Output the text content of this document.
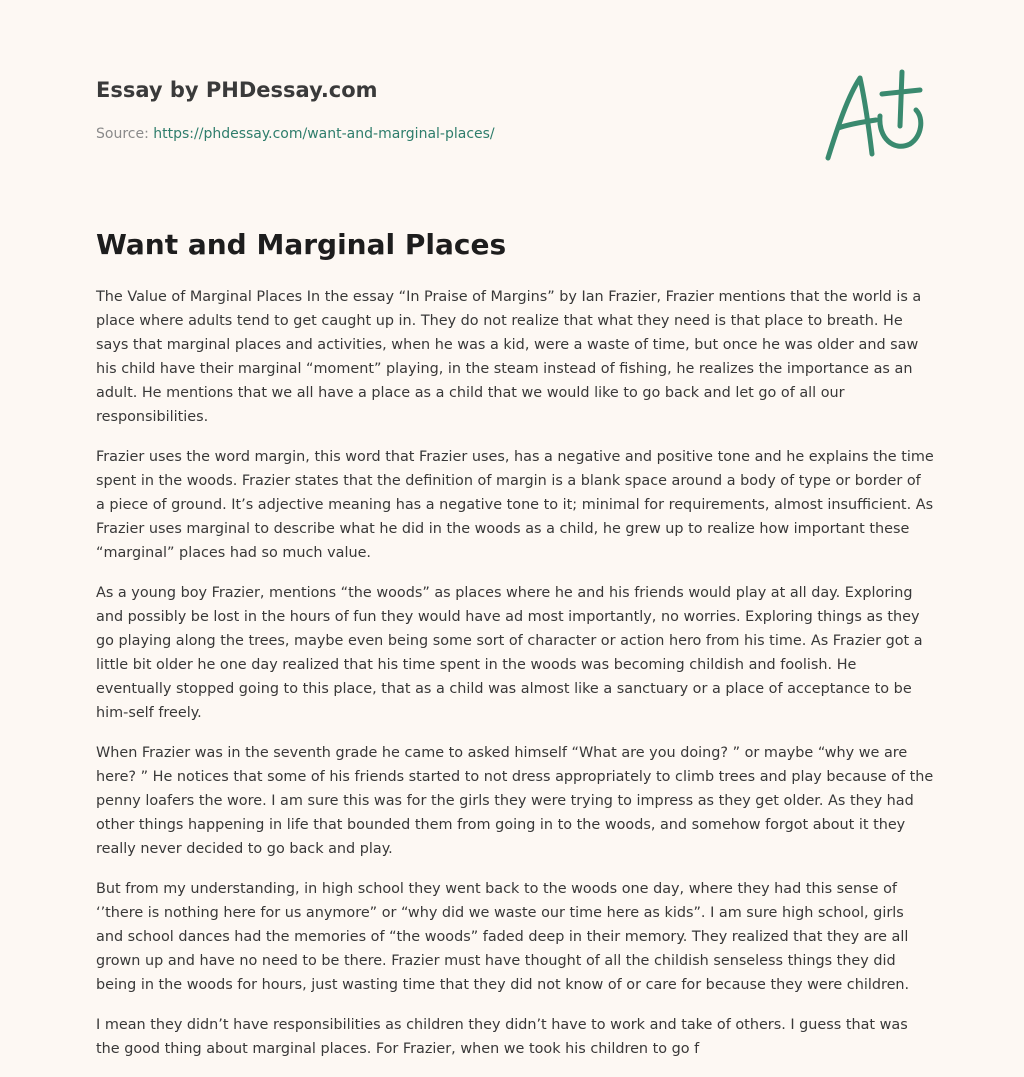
Essay by PHDessay.com
Source: https://phdessay.com/want-and-marginal-places/
Want and Marginal Places

The Value of Marginal Places In the essay “In Praise of Margins” by Ian Frazier, Frazier mentions that the world is a place where adults tend to get caught up in. They do not realize that what they need is that place to breath. He says that marginal places and activities, when he was a kid, were a waste of time, but once he was older and saw his child have their marginal “moment” playing, in the steam instead of fishing, he realizes the importance as an adult. He mentions that we all have a place as a child that we would like to go back and let go of all our responsibilities.

Frazier uses the word margin, this word that Frazier uses, has a negative and positive tone and he explains the time spent in the woods. Frazier states that the definition of margin is a blank space around a body of type or border of a piece of ground. It’s adjective meaning has a negative tone to it; minimal for requirements, almost insufficient. As Frazier uses marginal to describe what he did in the woods as a child, he grew up to realize how important these “marginal” places had so much value.

As a young boy Frazier, mentions “the woods” as places where he and his friends would play at all day. Exploring and possibly be lost in the hours of fun they would have ad most importantly, no worries. Exploring things as they go playing along the trees, maybe even being some sort of character or action hero from his time. As Frazier got a little bit older he one day realized that his time spent in the woods was becoming childish and foolish. He eventually stopped going to this place, that as a child was almost like a sanctuary or a place of acceptance to be him-self freely.

When Frazier was in the seventh grade he came to asked himself “What are you doing? ” or maybe “why we are here? ” He notices that some of his friends started to not dress appropriately to climb trees and play because of the penny loafers the wore. I am sure this was for the girls they were trying to impress as they get older. As they had other things happening in life that bounded them from going in to the woods, and somehow forgot about it they really never decided to go back and play.

But from my understanding, in high school they went back to the woods one day, where they had this sense of ‘’there is nothing here for us anymore” or “why did we waste our time here as kids”. I am sure high school, girls and school dances had the memories of “the woods” faded deep in their memory. They realized that they are all grown up and have no need to be there. Frazier must have thought of all the childish senseless things they did being in the woods for hours, just wasting time that they did not know of or care for because they were children.

I mean they didn’t have responsibilities as children they didn’t have to work and take of others. I guess that was the good thing about marginal places. For Frazier, when we took his children to go f
